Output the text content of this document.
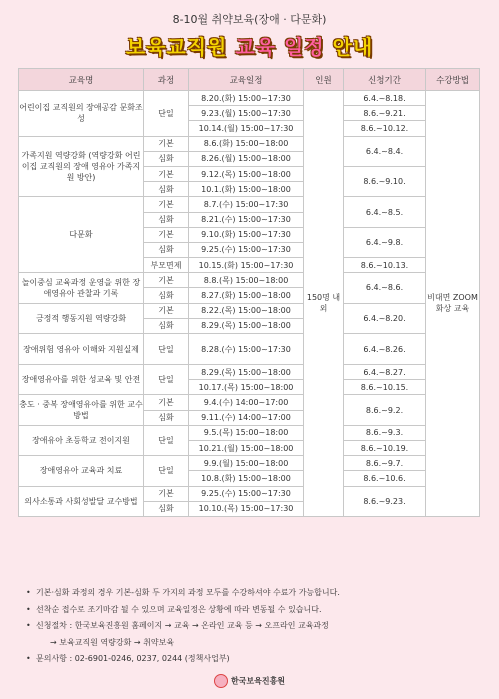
8-10월 취약보육(장애 · 다문화)
보육교직원 교육 일정 안내
교육명	과정	교육일정	인원	신청기간	수강방법
어린이집 교직원의 장애공감 문화조성	단일	8.20.(화) 15:00~17:30	150명 내외	6.4.~8.18.	비대면 ZOOM 화상 교육
		9.23.(월) 15:00~17:30		8.6.~9.21.	
		10.14.(월) 15:00~17:30		8.6.~10.12.	
가족지원 역량강화 (역량강화 어린이집 교직원의 장애 영유아 가족지원 방안)	기본	8.6.(화) 15:00~18:00		6.4.~8.4.	
	심화	8.26.(월) 15:00~18:00			
	기본	9.12.(목) 15:00~18:00		8.6.~9.10.	
	심화	10.1.(화) 15:00~18:00			
다문화	기본	8.7.(수) 15:00~17:30		6.4.~8.5.	
	심화	8.21.(수) 15:00~17:30			
	기본	9.10.(화) 15:00~17:30		6.4.~9.8.	
	심화	9.25.(수) 15:00~17:30			
	부모면제	10.15.(화) 15:00~17:30		8.6.~10.13.	
놀이중심 교육과정 운영을 위한 장애영유아 관찰과 기록	기본	8.8.(목) 15:00~18:00		6.4.~8.6.	
	심화	8.27.(화) 15:00~18:00			
긍정적 행동지원 역량강화	기본	8.22.(목) 15:00~18:00		6.4.~8.20.	
	심화	8.29.(목) 15:00~18:00			
장애위험 영유아 이해와 지원실제	단일	8.28.(수) 15:00~17:30		6.4.~8.26.	
장애영유아를 위한 성교육 및 안전	단일	8.29.(목) 15:00~18:00		6.4.~8.27.	
		10.17.(목) 15:00~18:00		8.6.~10.15.	
충도 · 중복 장애영유아를 위한 교수방법	기본	9.4.(수) 14:00~17:00		8.6.~9.2.	
	심화	9.11.(수) 14:00~17:00			
장애유아 초등학교 전이지원	단일	9.5.(목) 15:00~18:00		8.6.~9.3.	
		10.21.(월) 15:00~18:00		8.6.~10.19.	
장애영유아 교육과 치료	단일	9.9.(월) 15:00~18:00		8.6.~9.7.	
		10.8.(화) 15:00~18:00		8.6.~10.6.	
의사소통과 사회성발달 교수방법	기본	9.25.(수) 15:00~17:30		8.6.~9.23.	
	심화	10.10.(목) 15:00~17:30			
• 기본·심화 과정의 경우 기본-심화 두 가지의 과정 모두를 수강하셔야 수료가 가능합니다.
• 선착순 접수로 조기마감 될 수 있으며 교육일정은 상황에 따라 변동될 수 있습니다.
• 신청절차 : 한국보육진흥원 홈페이지 → 교육 → 온라인 교육 등 → 오프라인 교육과정
→ 보육교직원 역량강화 → 취약보육
• 문의사항 : 02-6901-0246, 0237, 0244 (정책사업부)
한국보육진흥원
